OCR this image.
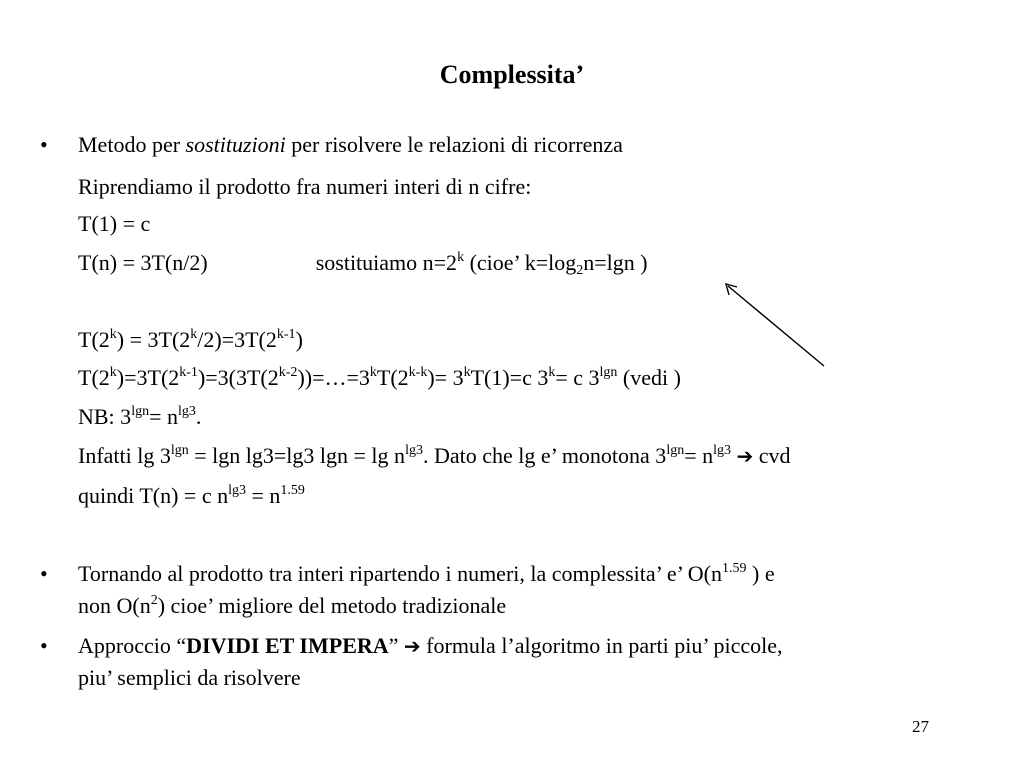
Complessita’
• Metodo per sostituzioni per risolvere le relazioni di ricorrenza
Riprendiamo il prodotto fra numeri interi di n cifre:
T(1) = c
T(n) = 3T(n/2)	sostituiamo $n=2^k$ (cioe’ $k=\log_2n=\lg n$ )
$T(2^k) = 3T(2^k/2)=3T(2^{k-1})$
$T(2^k)=3T(2^{k-1})=3(3T(2^{k-2}))=\dots=3^kT(2^{k-k})= 3^kT(1)=c$ $3^k= c$ $3^{lgn}$ (vedi )
NB: $3^{lgn}= n^{lg3}$.
Infatti $\lg 3^{lgn} = \lg n$ lg3=lg3 $\lg n = \lg n^{lg3}$. Dato che lg e’ monotona $3^{lgn}= n^{lg3}$ ➔ cvd
quindi T(n) = c $n^{lg3} = n^{1.59}$
• Tornando al prodotto tra interi ripartendo i numeri, la complessita’ e’ $O(n^{1.59}$ ) e
non $O(n^2)$ cioe’ migliore del metodo tradizionale
• Approccio “DIVIDI ET IMPERA” ➔ formula l’algoritmo in parti piu’ piccole,
piu’ semplici da risolvere
27
